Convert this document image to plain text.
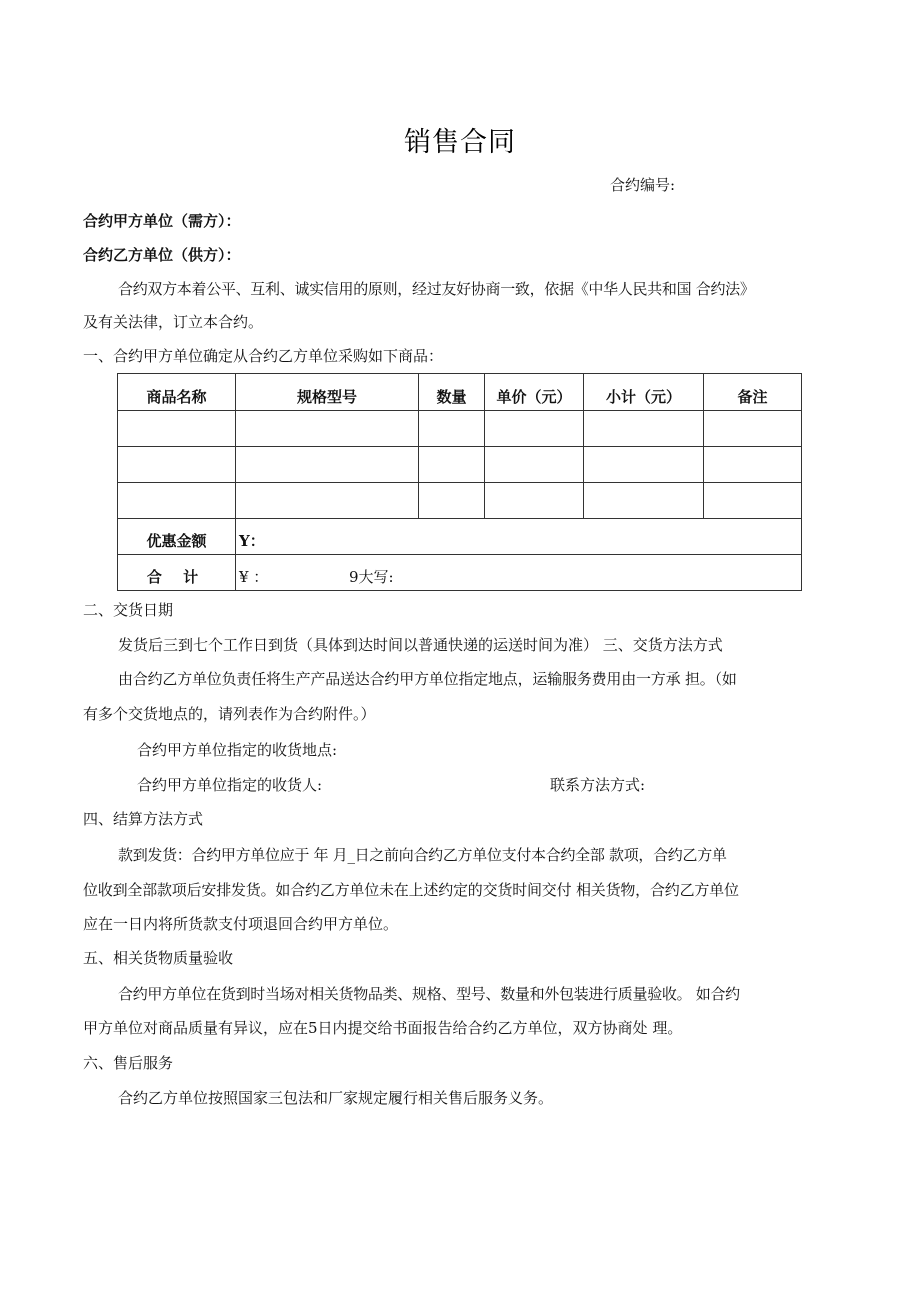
销售合同
合约编号:
合约甲方单位（需方）：
合约乙方单位（供方）：
合约双方本着公平、互利、诚实信用的原则，经过友好协商一致，依据《中华人民共和国 合约法》
及有关法律，订立本合约。
一、合约甲方单位确定从合约乙方单位采购如下商品：
商品名称	规格型号	数量	单价（元）	小计（元）	备注

优惠金额	Y：				
合 计	¥ ： 9大写:				
二、交货日期
发货后三到七个工作日到货（具体到达时间以普通快递的运送时间为准） 三、交货方法方式
由合约乙方单位负责任将生产产品送达合约甲方单位指定地点，运输服务费用由一方承 担。（如
有多个交货地点的，请列表作为合约附件。）
合约甲方单位指定的收货地点:
合约甲方单位指定的收货人:	联系方法方式:
四、结算方法方式
款到发货：合约甲方单位应于 年 月_日之前向合约乙方单位支付本合约全部 款项，合约乙方单
位收到全部款项后安排发货。如合约乙方单位未在上述约定的交货时间交付 相关货物，合约乙方单位
应在一日内将所货款支付项退回合约甲方单位。
五、相关货物质量验收
合约甲方单位在货到时当场对相关货物品类、规格、型号、数量和外包装进行质量验收。 如合约
甲方单位对商品质量有异议，应在5日内提交给书面报告给合约乙方单位，双方协商处 理。
六、售后服务
合约乙方单位按照国家三包法和厂家规定履行相关售后服务义务。
